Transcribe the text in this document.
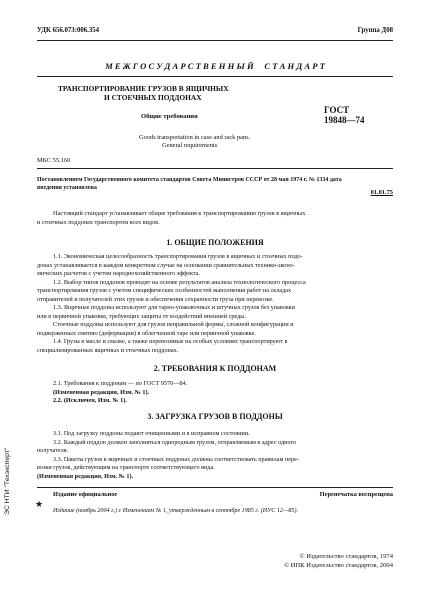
УДК 656.073:006.354	Группа Д08
М Е Ж Г О С У Д А Р С Т В Е Н Н Ы Й     С Т А Н Д А Р Т
ТРАНСПОРТИРОВАНИЕ ГРУЗОВ В ЯЩИЧНЫХ
И СТОЕЧНЫХ ПОДДОНАХ
Общие требования
Goods transportation in case and rack pans.
General requirements
ГОСТ
19848—74
МКС 55.160
Постановлением Государственного комитета стандартов Совета Министров СССР от 28 мая 1974 г. № 1334 дата
введения установлена
01.01.75
Настоящий стандарт устанавливает общие требования к транспортированию грузов в ящичных
и стоечных поддонах транспортом всех видов.
1. ОБЩИЕ ПОЛОЖЕНИЯ
1.1. Экономическая целесообразность транспортирования грузов в ящичных и стоечных подо-
донах устанавливается в каждом конкретном случае на основании сравнительных технико-эконо-
мических расчетов с учетом народнохозяйственного эффекта.
1.2. Выбор типов поддонов проводят на основе результатов анализа технологического процесса
транспортирования грузов с учетом специфических особенностей выполнения работ на складах
отправителей и получателей этих грузов и обеспечения сохранности груза при перевозке.
1.3. Ящичные поддоны используют для тарно-упаковочных и штучных грузов без упаковки
или в первичной упаковке, требующих защиты от воздействий внешней среды.
Стоечные поддоны используют для грузов неправильной формы, сложной конфигурации и
подверженных смятию (деформации) в облегченной таре или первичной упаковке.
1.4. Грузы в масле и смазке, а также перевозимые на особых условиях транспортируют в
специализированных ящичных и стоечных поддонах.
2. ТРЕБОВАНИЯ К ПОДДОНАМ
2.1. Требования к поддонам — по ГОСТ 9570—84.
(Измененная редакция, Изм. № 1).
2.2. (Исключен, Изм. № 1).
3. ЗАГРУЗКА ГРУЗОВ В ПОДДОНЫ
3.1. Под загрузку поддоны подают очищенными и в исправном состоянии.
3.2. Каждый поддон должен заполняться однородным грузом, отправляемым в адрес одного
получателя.
3.3. Пакеты грузов в ящичных и стоечных поддонах должны соответствовать правилам пере-
возки грузов, действующим на транспорте соответствующего вида.
(Измененная редакция, Изм. № 1).
Издание официальное	Перепечатка воспрещена
★
Издание (ноябрь 2004 г.) с Изменением № 1, утвержденным в сентябре 1985 г. (ИУС 12—85).
© Издательство стандартов, 1974
© ИПК Издательство стандартов, 2004
ЭС НТИ "Техэксперт"
